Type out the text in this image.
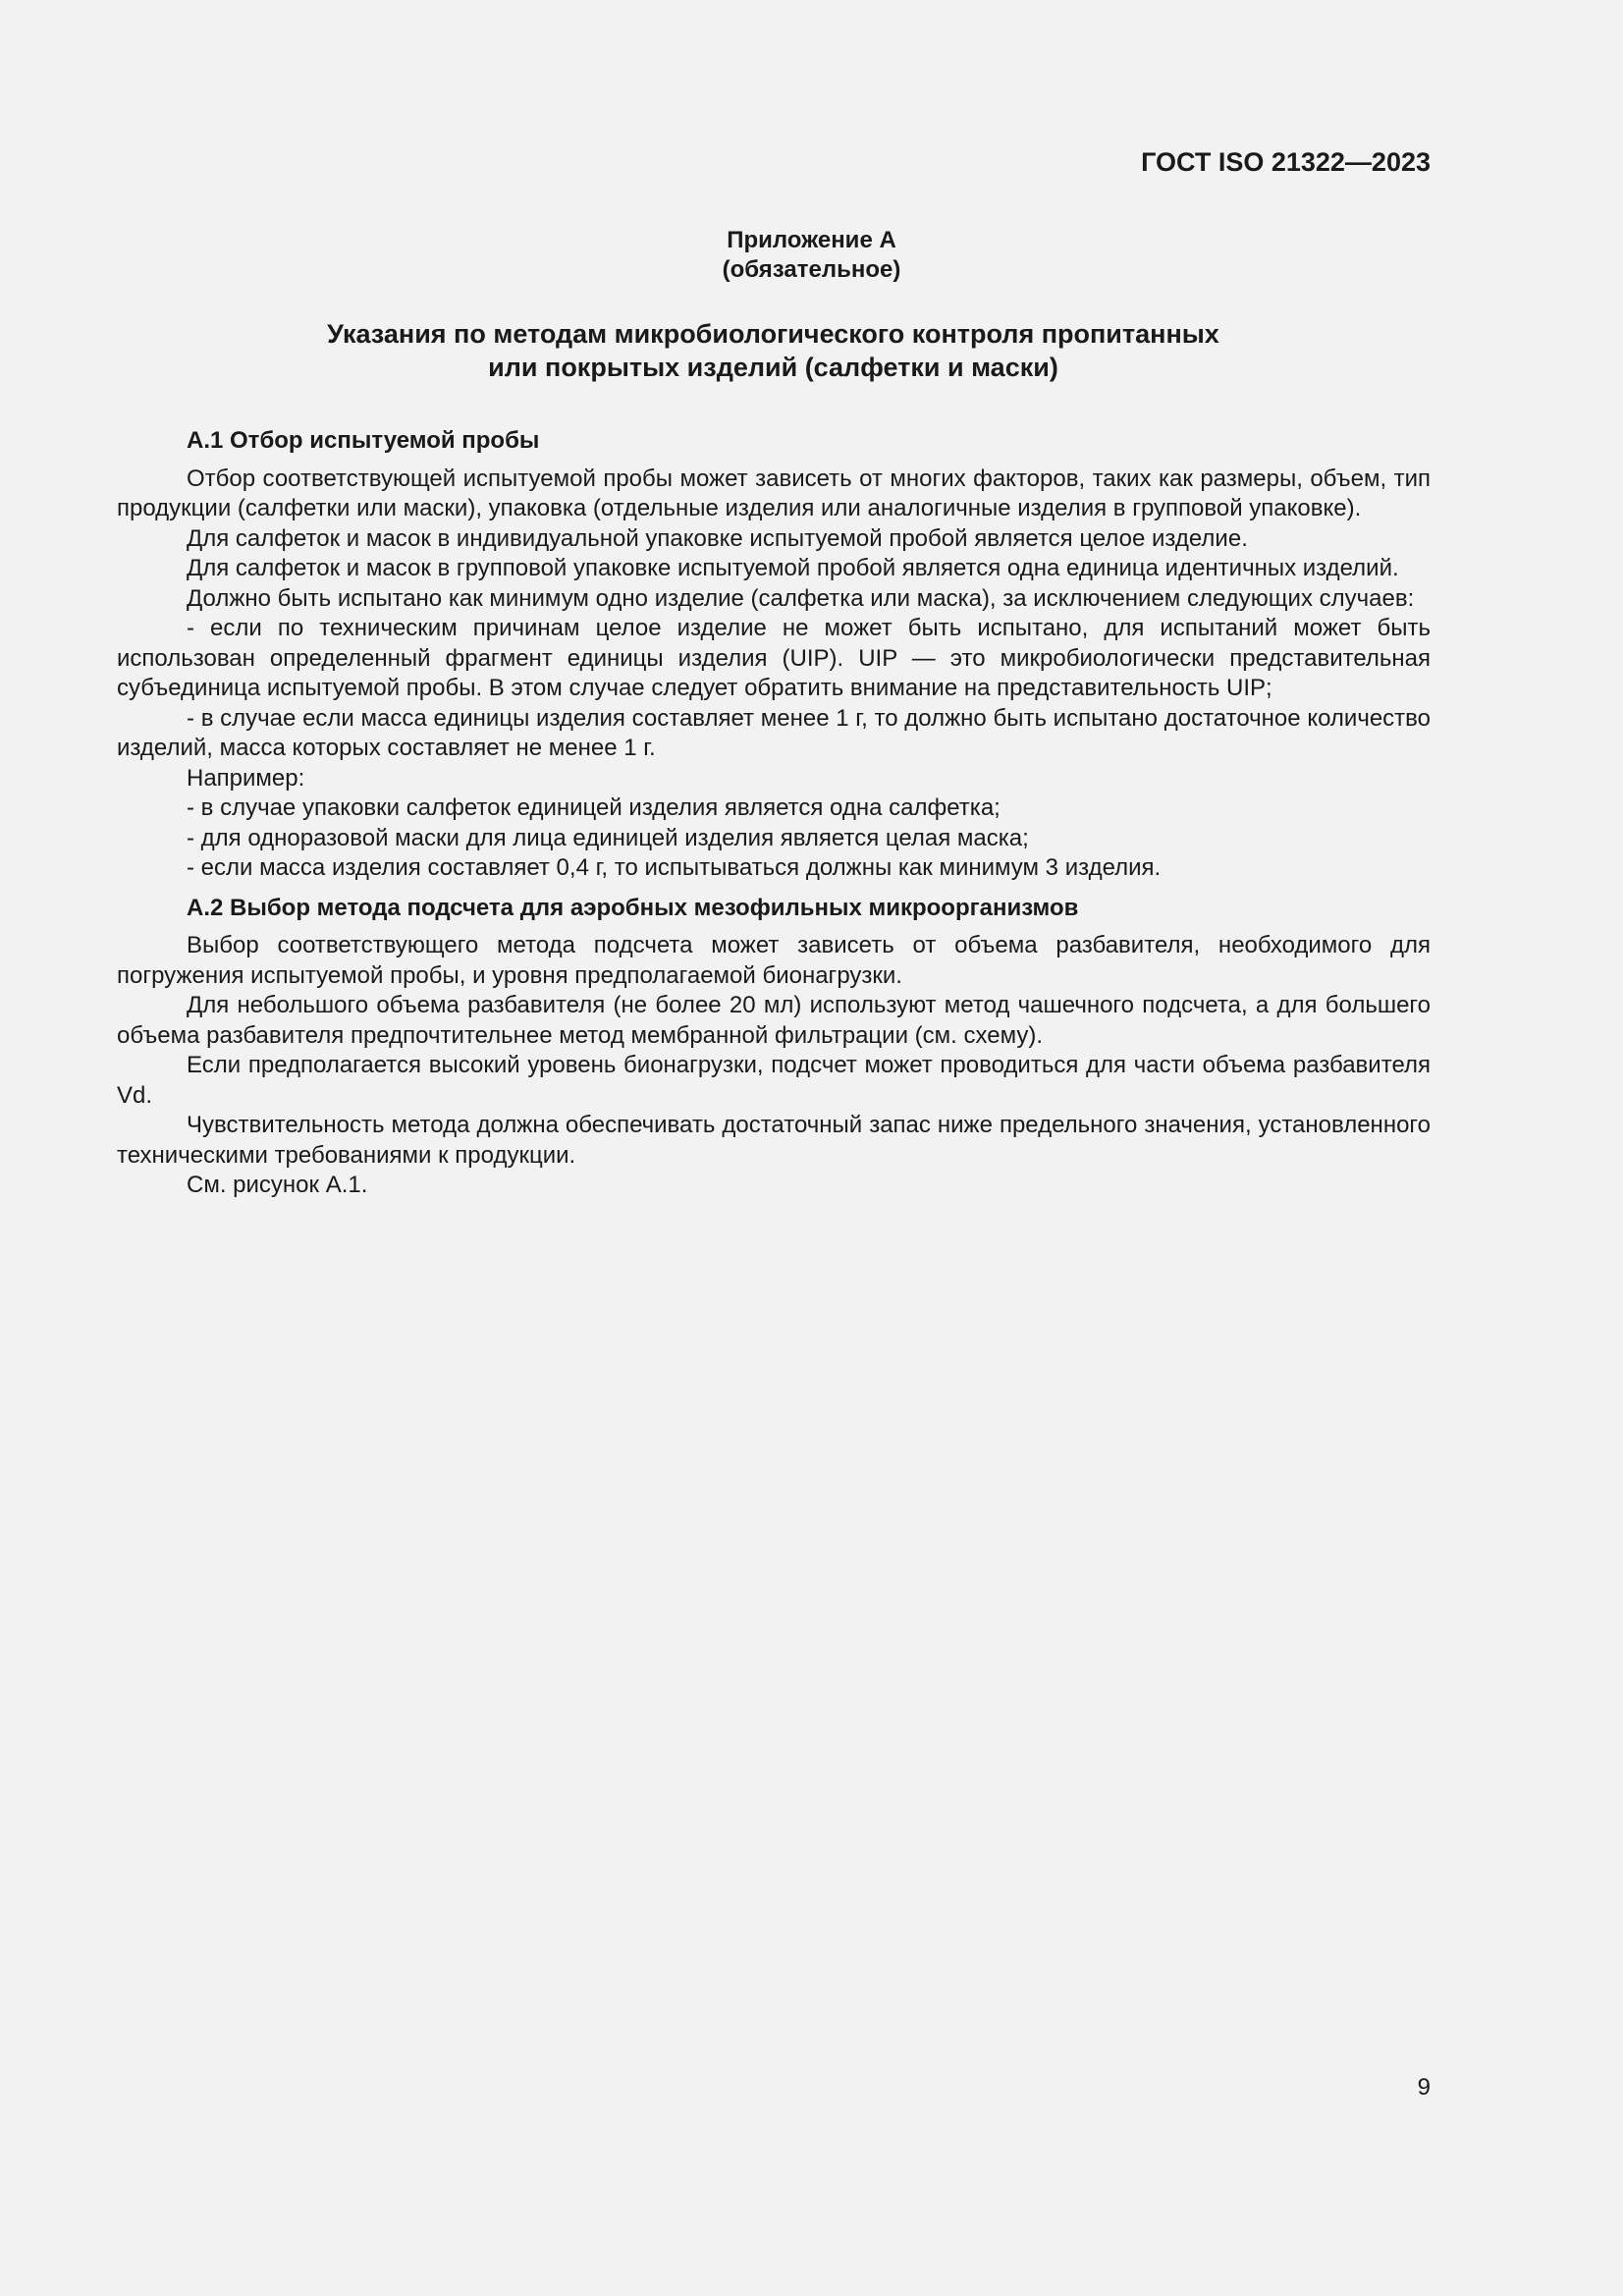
ГОСТ ISO 21322—2023

Приложение А
(обязательное)
Указания по методам микробиологического контроля пропитанных
или покрытых изделий (салфетки и маски)
А.1 Отбор испытуемой пробы

Отбор соответствующей испытуемой пробы может зависеть от многих факторов, таких как размеры, объем, тип продукции (салфетки или маски), упаковка (отдельные изделия или аналогичные изделия в групповой упаковке).

Для салфеток и масок в индивидуальной упаковке испытуемой пробой является целое изделие.

Для салфеток и масок в групповой упаковке испытуемой пробой является одна единица идентичных изделий.

Должно быть испытано как минимум одно изделие (салфетка или маска), за исключением следующих случаев:

- если по техническим причинам целое изделие не может быть испытано, для испытаний может быть использован определенный фрагмент единицы изделия (UIP). UIP — это микробиологически представительная субъединица испытуемой пробы. В этом случае следует обратить внимание на представительность UIP;

- в случае если масса единицы изделия составляет менее 1 г, то должно быть испытано достаточное количество изделий, масса которых составляет не менее 1 г.

Например:

- в случае упаковки салфеток единицей изделия является одна салфетка;

- для одноразовой маски для лица единицей изделия является целая маска;

- если масса изделия составляет 0,4 г, то испытываться должны как минимум 3 изделия.

А.2 Выбор метода подсчета для аэробных мезофильных микроорганизмов

Выбор соответствующего метода подсчета может зависеть от объема разбавителя, необходимого для погружения испытуемой пробы, и уровня предполагаемой бионагрузки.

Для небольшого объема разбавителя (не более 20 мл) используют метод чашечного подсчета, а для большего объема разбавителя предпочтительнее метод мембранной фильтрации (см. схему).

Если предполагается высокий уровень бионагрузки, подсчет может проводиться для части объема разбавителя Vd.

Чувствительность метода должна обеспечивать достаточный запас ниже предельного значения, установленного техническими требованиями к продукции.

См. рисунок А.1.

9
